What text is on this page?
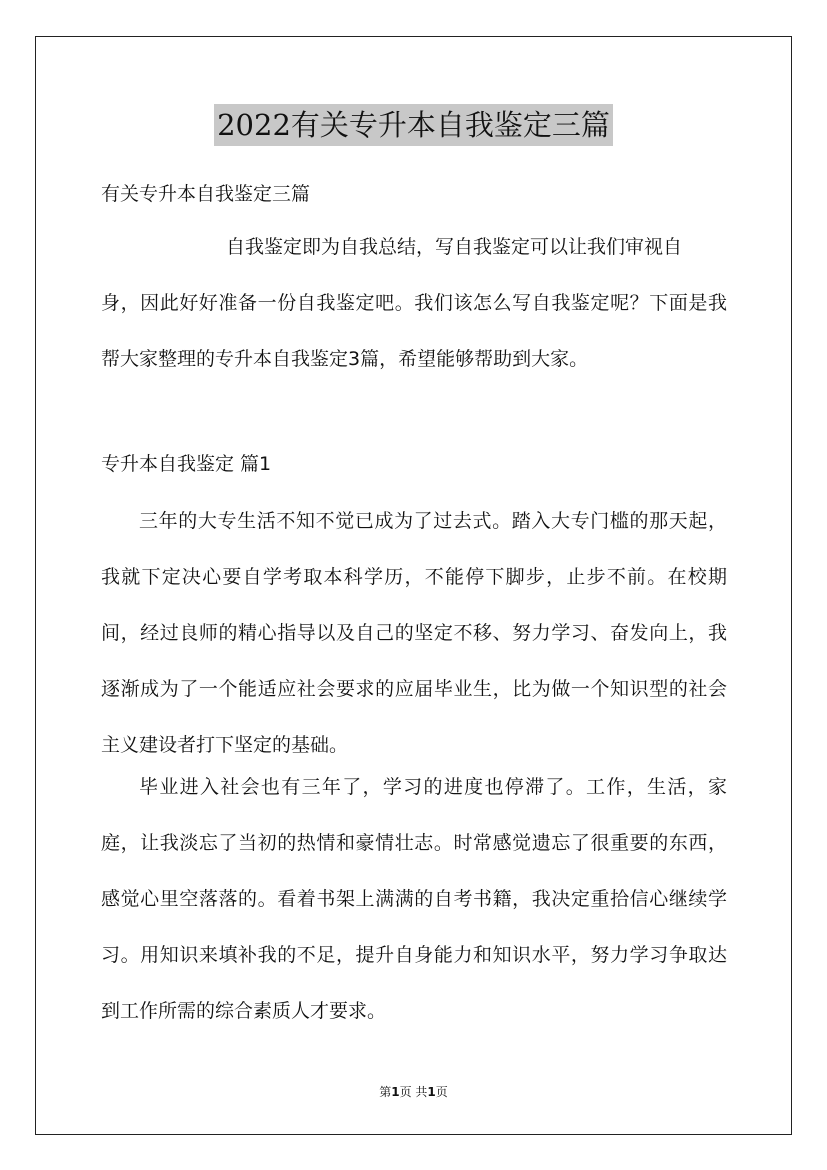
2022有关专升本自我鉴定三篇
有关专升本自我鉴定三篇
自我鉴定即为自我总结，写自我鉴定可以让我们审视自
身，因此好好准备一份自我鉴定吧。我们该怎么写自我鉴定呢？下面是我帮大家整理的专升本自我鉴定3篇，希望能够帮助到大家。
专升本自我鉴定 篇1
三年的大专生活不知不觉已成为了过去式。踏入大专门槛的那天起，我就下定决心要自学考取本科学历，不能停下脚步，止步不前。在校期间，经过良师的精心指导以及自己的坚定不移、努力学习、奋发向上，我逐渐成为了一个能适应社会要求的应届毕业生，比为做一个知识型的社会主义建设者打下坚定的基础。
毕业进入社会也有三年了，学习的进度也停滞了。工作，生活，家庭，让我淡忘了当初的热情和豪情壮志。时常感觉遗忘了很重要的东西，感觉心里空落落的。看着书架上满满的自考书籍，我决定重拾信心继续学习。用知识来填补我的不足，提升自身能力和知识水平，努力学习争取达到工作所需的综合素质人才要求。
第1页 共1页
